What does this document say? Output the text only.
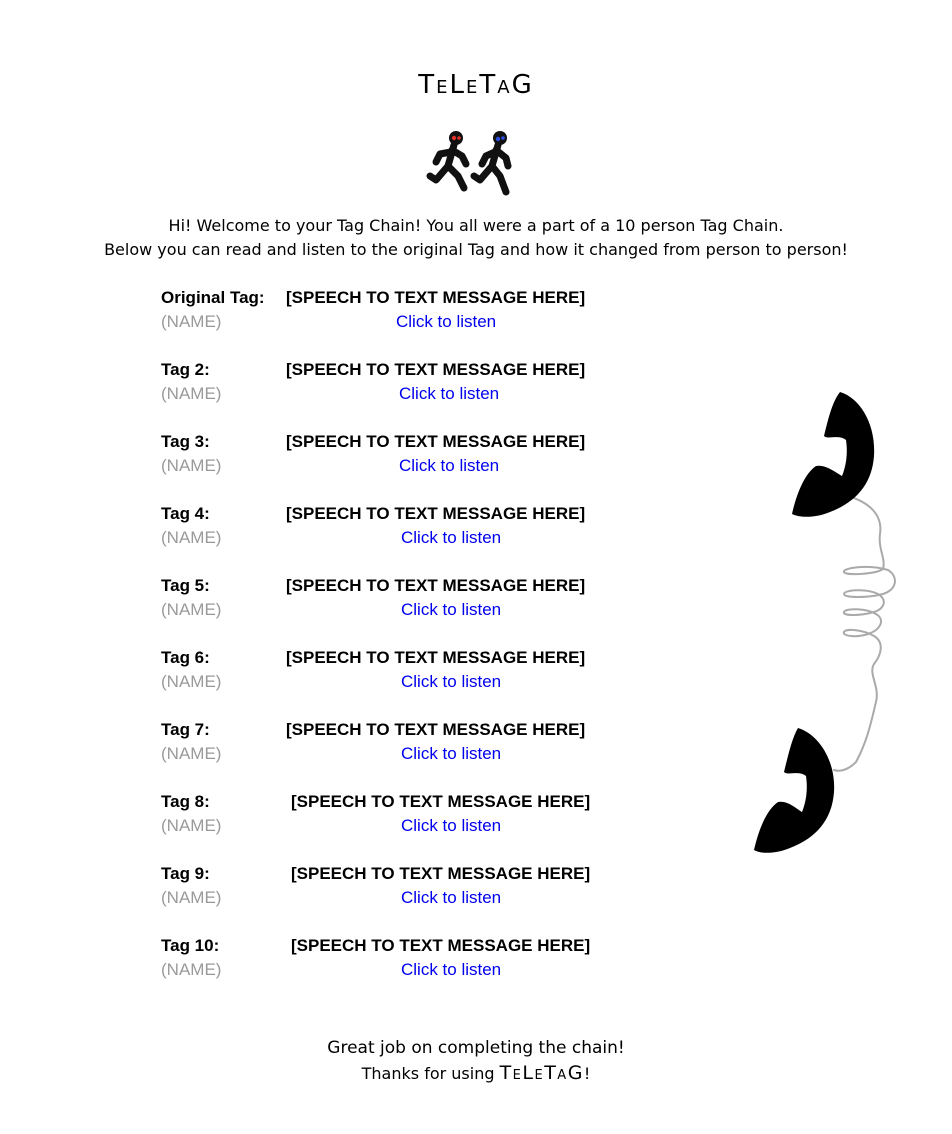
TeLeTaG

Hi! Welcome to your Tag Chain! You all were a part of a 10 person Tag Chain.

Below you can read and listen to the original Tag and how it changed from person to person!

Original Tag: [SPEECH TO TEXT MESSAGE HERE]
(NAME)	Click to listen
Tag 2:	[SPEECH TO TEXT MESSAGE HERE]
(NAME)	Click to listen
Tag 3:	[SPEECH TO TEXT MESSAGE HERE]
(NAME)	Click to listen
Tag 4:	[SPEECH TO TEXT MESSAGE HERE]
(NAME)	Click to listen
Tag 5:	[SPEECH TO TEXT MESSAGE HERE]
(NAME)	Click to listen
Tag 6:	[SPEECH TO TEXT MESSAGE HERE]
(NAME)	Click to listen
Tag 7:	[SPEECH TO TEXT MESSAGE HERE]
(NAME)	Click to listen
Tag 8:	[SPEECH TO TEXT MESSAGE HERE]
(NAME)	Click to listen
Tag 9:	[SPEECH TO TEXT MESSAGE HERE]
(NAME)	Click to listen
Tag 10:	[SPEECH TO TEXT MESSAGE HERE]
(NAME)	Click to listen

Great job on completing the chain!

Thanks for using TeLeTaG!
